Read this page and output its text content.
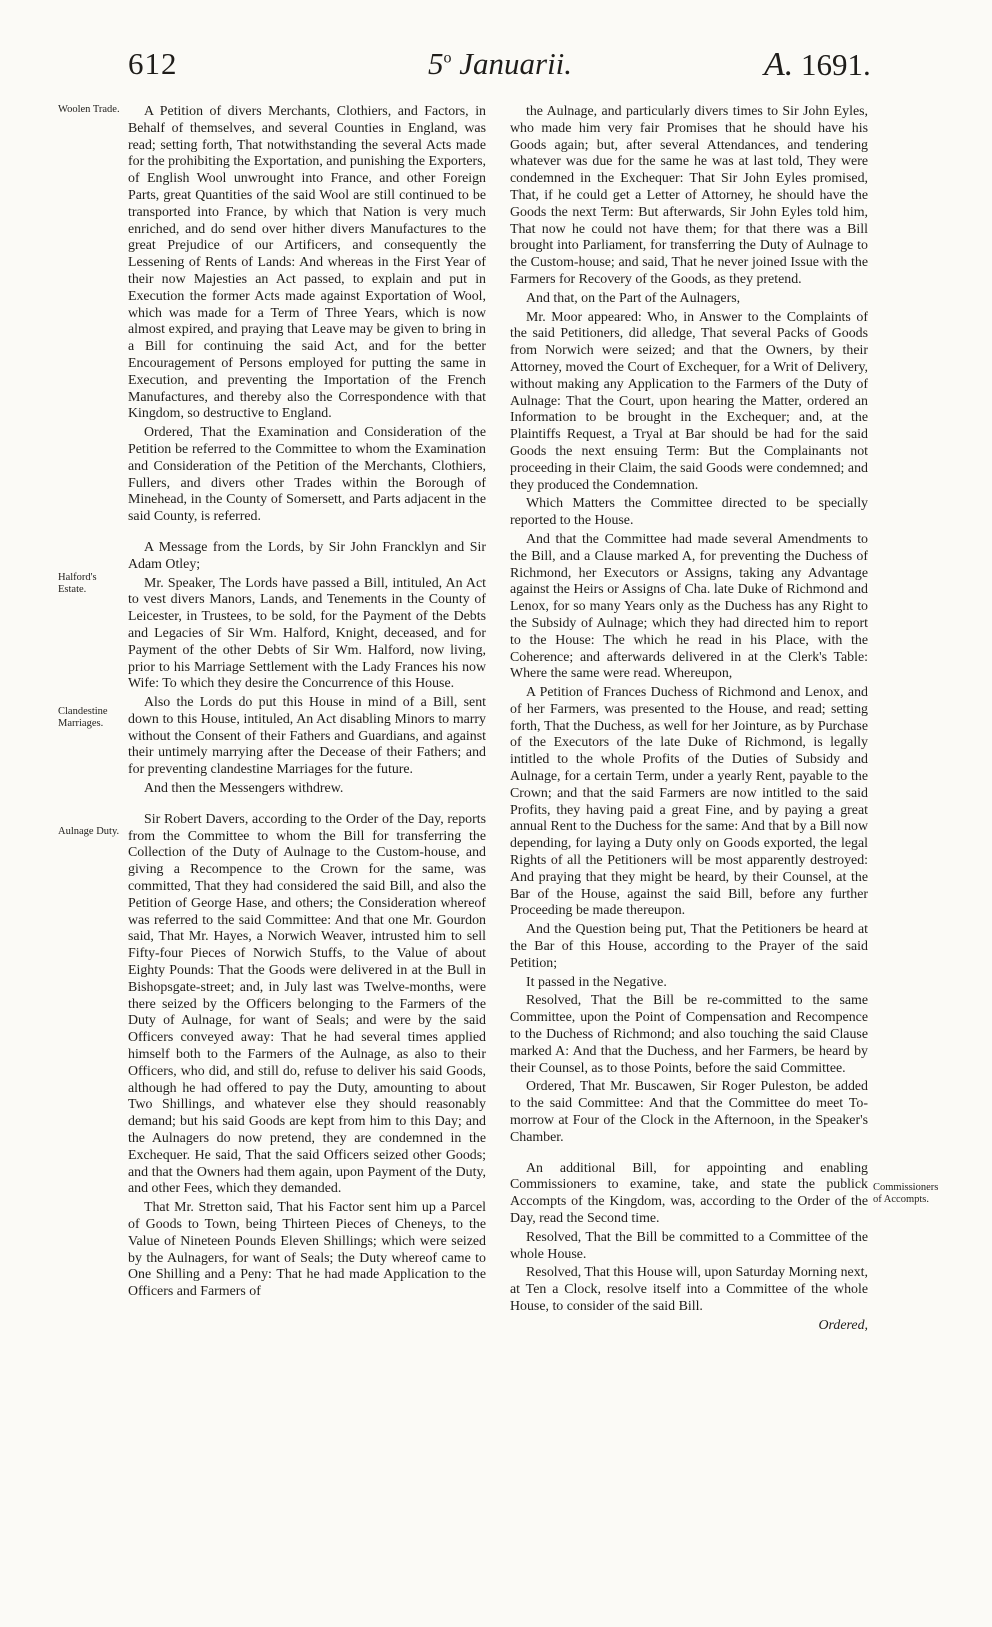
612	5$^o$ Januarii.	A. 1691.
Woolen Trade.
Halford's Estate.
Clandestine Marriages.
Aulnage Duty.
Commissioners of Accompts.

A Petition of divers Merchants, Clothiers, and Factors, in Behalf of themselves, and several Counties in England, was read; setting forth, That notwithstanding the several Acts made for the prohibiting the Exportation, and punishing the Exporters, of English Wool unwrought into France, and other Foreign Parts, great Quantities of the said Wool are still continued to be transported into France, by which that Nation is very much enriched, and do send over hither divers Manufactures to the great Prejudice of our Artificers, and consequently the Lessening of Rents of Lands: And whereas in the First Year of their now Majesties an Act passed, to explain and put in Execution the former Acts made against Exportation of Wool, which was made for a Term of Three Years, which is now almost expired, and praying that Leave may be given to bring in a Bill for continuing the said Act, and for the better Encouragement of Persons employed for putting the same in Execution, and preventing the Importation of the French Manufactures, and thereby also the Correspondence with that Kingdom, so destructive to England.

Ordered, That the Examination and Consideration of the Petition be referred to the Committee to whom the Examination and Consideration of the Petition of the Merchants, Clothiers, Fullers, and divers other Trades within the Borough of Minehead, in the County of Somersett, and Parts adjacent in the said County, is referred.

A Message from the Lords, by Sir John Francklyn and Sir Adam Otley;

Mr. Speaker, The Lords have passed a Bill, intituled, An Act to vest divers Manors, Lands, and Tenements in the County of Leicester, in Trustees, to be sold, for the Payment of the Debts and Legacies of Sir Wm. Halford, Knight, deceased, and for Payment of the other Debts of Sir Wm. Halford, now living, prior to his Marriage Settlement with the Lady Frances his now Wife: To which they desire the Concurrence of this House.

Also the Lords do put this House in mind of a Bill, sent down to this House, intituled, An Act disabling Minors to marry without the Consent of their Fathers and Guardians, and against their untimely marrying after the Decease of their Fathers; and for preventing clandestine Marriages for the future.

And then the Messengers withdrew.

Sir Robert Davers, according to the Order of the Day, reports from the Committee to whom the Bill for transferring the Collection of the Duty of Aulnage to the Custom-house, and giving a Recompence to the Crown for the same, was committed, That they had considered the said Bill, and also the Petition of George Hase, and others; the Consideration whereof was referred to the said Committee: And that one Mr. Gourdon said, That Mr. Hayes, a Norwich Weaver, intrusted him to sell Fifty-four Pieces of Norwich Stuffs, to the Value of about Eighty Pounds: That the Goods were delivered in at the Bull in Bishopsgate-street; and, in July last was Twelve-months, were there seized by the Officers belonging to the Farmers of the Duty of Aulnage, for want of Seals; and were by the said Officers conveyed away: That he had several times applied himself both to the Farmers of the Aulnage, as also to their Officers, who did, and still do, refuse to deliver his said Goods, although he had offered to pay the Duty, amounting to about Two Shillings, and whatever else they should reasonably demand; but his said Goods are kept from him to this Day; and the Aulnagers do now pretend, they are condemned in the Exchequer. He said, That the said Officers seized other Goods; and that the Owners had them again, upon Payment of the Duty, and other Fees, which they demanded.

That Mr. Stretton said, That his Factor sent him up a Parcel of Goods to Town, being Thirteen Pieces of Cheneys, to the Value of Nineteen Pounds Eleven Shillings; which were seized by the Aulnagers, for want of Seals; the Duty whereof came to One Shilling and a Peny: That he had made Application to the Officers and Farmers of

the Aulnage, and particularly divers times to Sir John Eyles, who made him very fair Promises that he should have his Goods again; but, after several Attendances, and tendering whatever was due for the same he was at last told, They were condemned in the Exchequer: That Sir John Eyles promised, That, if he could get a Letter of Attorney, he should have the Goods the next Term: But afterwards, Sir John Eyles told him, That now he could not have them; for that there was a Bill brought into Parliament, for transferring the Duty of Aulnage to the Custom-house; and said, That he never joined Issue with the Farmers for Recovery of the Goods, as they pretend.

And that, on the Part of the Aulnagers,

Mr. Moor appeared: Who, in Answer to the Complaints of the said Petitioners, did alledge, That several Packs of Goods from Norwich were seized; and that the Owners, by their Attorney, moved the Court of Exchequer, for a Writ of Delivery, without making any Application to the Farmers of the Duty of Aulnage: That the Court, upon hearing the Matter, ordered an Information to be brought in the Exchequer; and, at the Plaintiffs Request, a Tryal at Bar should be had for the said Goods the next ensuing Term: But the Complainants not proceeding in their Claim, the said Goods were condemned; and they produced the Condemnation.

Which Matters the Committee directed to be specially reported to the House.

And that the Committee had made several Amendments to the Bill, and a Clause marked A, for preventing the Duchess of Richmond, her Executors or Assigns, taking any Advantage against the Heirs or Assigns of Cha. late Duke of Richmond and Lenox, for so many Years only as the Duchess has any Right to the Subsidy of Aulnage; which they had directed him to report to the House: The which he read in his Place, with the Coherence; and afterwards delivered in at the Clerk's Table: Where the same were read. Whereupon,

A Petition of Frances Duchess of Richmond and Lenox, and of her Farmers, was presented to the House, and read; setting forth, That the Duchess, as well for her Jointure, as by Purchase of the Executors of the late Duke of Richmond, is legally intitled to the whole Profits of the Duties of Subsidy and Aulnage, for a certain Term, under a yearly Rent, payable to the Crown; and that the said Farmers are now intitled to the said Profits, they having paid a great Fine, and by paying a great annual Rent to the Duchess for the same: And that by a Bill now depending, for laying a Duty only on Goods exported, the legal Rights of all the Petitioners will be most apparently destroyed: And praying that they might be heard, by their Counsel, at the Bar of the House, against the said Bill, before any further Proceeding be made thereupon.

And the Question being put, That the Petitioners be heard at the Bar of this House, according to the Prayer of the said Petition;

It passed in the Negative.

Resolved, That the Bill be re-committed to the same Committee, upon the Point of Compensation and Recompence to the Duchess of Richmond; and also touching the said Clause marked A: And that the Duchess, and her Farmers, be heard by their Counsel, as to those Points, before the said Committee.

Ordered, That Mr. Buscawen, Sir Roger Puleston, be added to the said Committee: And that the Committee do meet To-morrow at Four of the Clock in the Afternoon, in the Speaker's Chamber.

An additional Bill, for appointing and enabling Commissioners to examine, take, and state the publick Accompts of the Kingdom, was, according to the Order of the Day, read the Second time.

Resolved, That the Bill be committed to a Committee of the whole House.

Resolved, That this House will, upon Saturday Morning next, at Ten a Clock, resolve itself into a Committee of the whole House, to consider of the said Bill.

Ordered,
